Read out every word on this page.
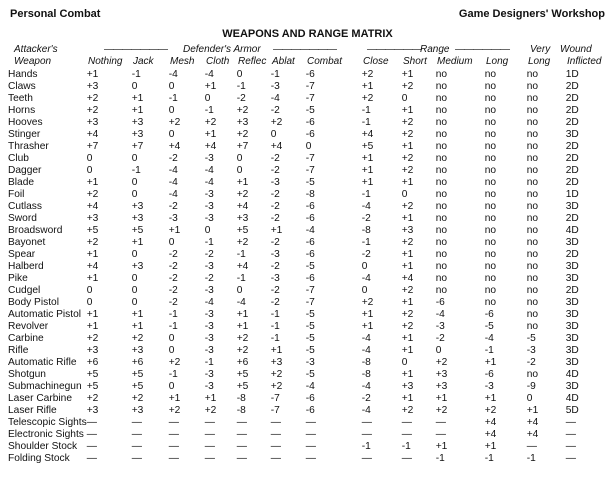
Personal Combat	Game Designers' Workshop
WEAPONS AND RANGE MATRIX
Attacker's	——————— Defender's Armor ———————	—————— Range —————— Very Wound
Weapon	Nothing Jack Mesh Cloth Reflec Ablat Combat Close Short Medium Long Long Inflicted
Hands	+1	-1	-4	-4	0	-1	-6	+2	+1	no	no	no	1D
Claws	+3	0	0	+1	-1	-3	-7	+1	+2	no	no	no	2D
Teeth	+2	+1	-1	0	-2	-4	-7	+2	0	no	no	no	2D
Horns	+2	+1	0	-1	+2	-2	-5	-1	+1	no	no	no	2D
Hooves	+3	+3	+2	+2	+3	+2	-6	-1	+2	no	no	no	2D
Stinger	+4	+3	0	+1	+2	0	-6	+4	+2	no	no	no	3D
Thrasher	+7	+7	+4	+4	+7	+4	0	+5	+1	no	no	no	2D
Club	0	0	-2	-3	0	-2	-7	+1	+2	no	no	no	2D
Dagger	0	-1	-4	-4	0	-2	-7	+1	+2	no	no	no	2D
Blade	+1	0	-4	-4	+1	-3	-5	+1	+1	no	no	no	2D
Foil	+2	0	-4	-3	+2	-2	-8	-1	0	no	no	no	1D
Cutlass	+4	+3	-2	-3	+4	-2	-6	-4	+2	no	no	no	3D
Sword	+3	+3	-3	-3	+3	-2	-6	-2	+1	no	no	no	2D
Broadsword	+5	+5	+1	0	+5	+1	-4	-8	+3	no	no	no	4D
Bayonet	+2	+1	0	-1	+2	-2	-6	-1	+2	no	no	no	3D
Spear	+1	0	-2	-2	-1	-3	-6	-2	+1	no	no	no	2D
Halberd	+4	+3	-2	-3	+4	-2	-5	0	+1	no	no	no	3D
Pike	+1	0	-2	-2	-1	-3	-6	-4	+4	no	no	no	3D
Cudgel	0	0	-2	-3	0	-2	-7	0	+2	no	no	no	2D
Body Pistol	0	0	-2	-4	-4	-2	-7	+2	+1	-6	no	no	3D
Automatic Pistol	+1	+1	-1	-3	+1	-1	-5	+1	+2	-4	-6	no	3D
Revolver	+1	+1	-1	-3	+1	-1	-5	+1	+2	-3	-5	no	3D
Carbine	+2	+2	0	-3	+2	-1	-5	-4	+1	-2	-4	-5	3D
Rifle	+3	+3	0	-3	+2	+1	-5	-4	+1	0	-1	-3	3D
Automatic Rifle	+6	+6	+2	-1	+6	+3	-3	-8	0	+2	+1	-2	3D
Shotgun	+5	+5	-1	-3	+5	+2	-5	-8	+1	+3	-6	no	4D
Submachinegun	+5	+5	0	-3	+5	+2	-4	-4	+3	+3	-3	-9	3D
Laser Carbine	+2	+2	+1	+1	-8	-7	-6	-2	+1	+1	+1	0	4D
Laser Rifle	+3	+3	+2	+2	-8	-7	-6	-4	+2	+2	+2	+1	5D
Telescopic Sights	—	—	—	—	—	—	—	—	—	—	+4	+4	—
Electronic Sights	—	—	—	—	—	—	—	—	—	—	+4	+4	—
Shoulder Stock	—	—	—	—	—	—	—	-1	-1	+1	+1	—	—
Folding Stock	—	—	—	—	—	—	—	—	—	-1	-1	-1	—
